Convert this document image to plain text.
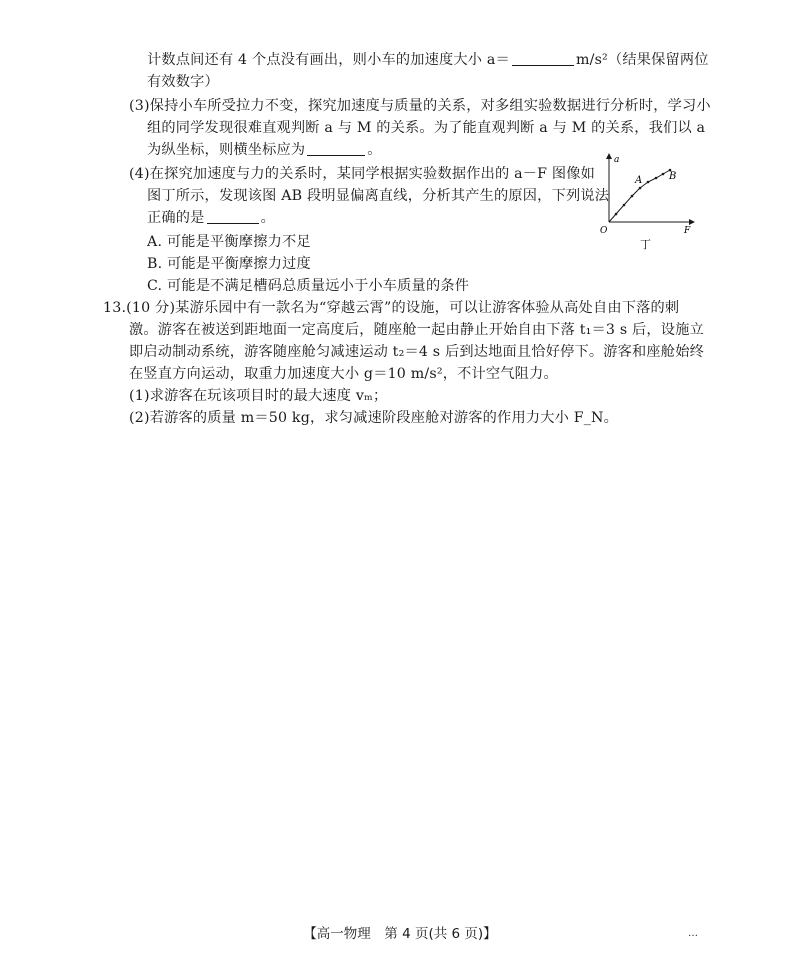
计数点间还有 4 个点没有画出，则小车的加速度大小 a＝	m/s²（结果保留两位
有效数字）
(3)保持小车所受拉力不变，探究加速度与质量的关系，对多组实验数据进行分析时，学习小
组的同学发现很难直观判断 a 与 M 的关系。为了能直观判断 a 与 M 的关系，我们以 a
为纵坐标，则横坐标应为	。
(4)在探究加速度与力的关系时，某同学根据实验数据作出的 a－F 图像如
图丁所示，发现该图 AB 段明显偏离直线，分析其产生的原因，下列说法
正确的是	。
A. 可能是平衡摩擦力不足
B. 可能是平衡摩擦力过度
C. 可能是不满足槽码总质量远小于小车质量的条件
13.(10 分)某游乐园中有一款名为“穿越云霄”的设施，可以让游客体验从高处自由下落的刺
激。游客在被送到距地面一定高度后，随座舱一起由静止开始自由下落 t₁＝3 s 后，设施立
即启动制动系统，游客随座舱匀减速运动 t₂＝4 s 后到达地面且恰好停下。游客和座舱始终
在竖直方向运动，取重力加速度大小 g＝10 m/s²，不计空气阻力。
(1)求游客在玩该项目时的最大速度 vₘ；
(2)若游客的质量 m＝50 kg，求匀减速阶段座舱对游客的作用力大小 F_N。
a
F
O
A	B
丁
【高一物理　第 4 页(共 6 页)】	…
